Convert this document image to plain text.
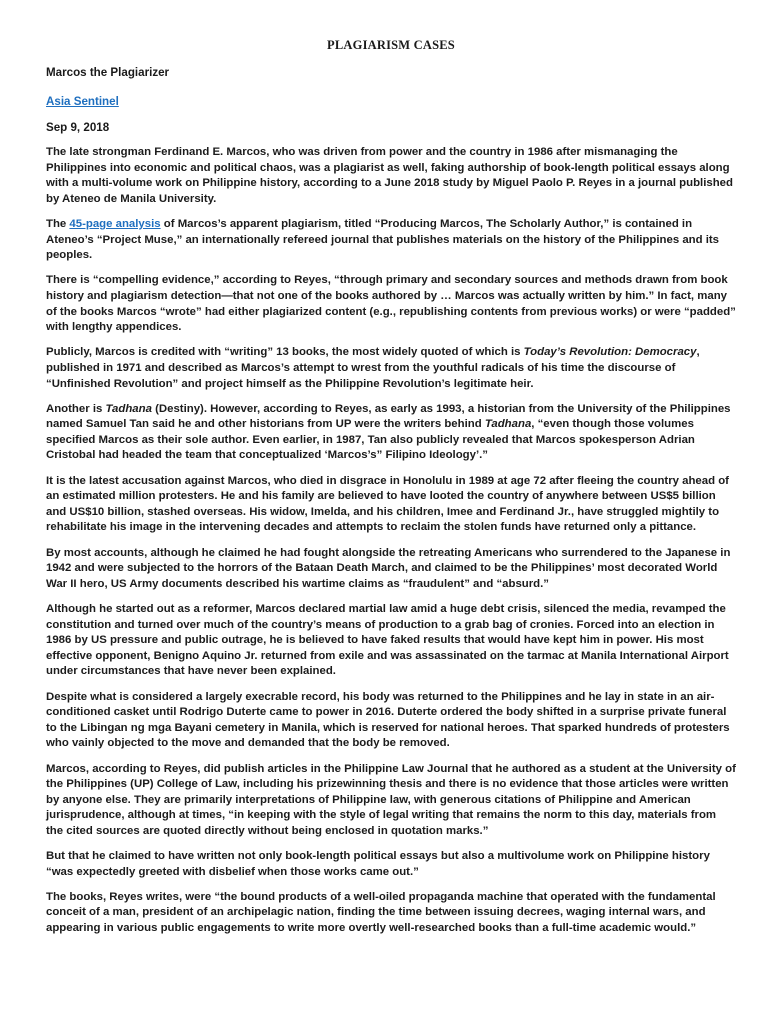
PLAGIARISM CASES
Marcos the Plagiarizer
Asia Sentinel
Sep 9, 2018

The late strongman Ferdinand E. Marcos, who was driven from power and the country in 1986 after mismanaging the Philippines into economic and political chaos, was a plagiarist as well, faking authorship of book-length political essays along with a multi-volume work on Philippine history, according to a June 2018 study by Miguel Paolo P. Reyes in a journal published by Ateneo de Manila University.

The 45-page analysis of Marcos’s apparent plagiarism, titled “Producing Marcos, The Scholarly Author,” is contained in Ateneo’s “Project Muse,” an internationally refereed journal that publishes materials on the history of the Philippines and its peoples.

There is “compelling evidence,” according to Reyes, “through primary and secondary sources and methods drawn from book history and plagiarism detection—that not one of the books authored by … Marcos was actually written by him.” In fact, many of the books Marcos “wrote” had either plagiarized content (e.g., republishing contents from previous works) or were “padded” with lengthy appendices.

Publicly, Marcos is credited with “writing” 13 books, the most widely quoted of which is Today’s Revolution: Democracy, published in 1971 and described as Marcos’s attempt to wrest from the youthful radicals of his time the discourse of “Unfinished Revolution” and project himself as the Philippine Revolution’s legitimate heir.

Another is Tadhana (Destiny). However, according to Reyes, as early as 1993, a historian from the University of the Philippines named Samuel Tan said he and other historians from UP were the writers behind Tadhana, “even though those volumes specified Marcos as their sole author. Even earlier, in 1987, Tan also publicly revealed that Marcos spokesperson Adrian Cristobal had headed the team that conceptualized ‘Marcos’s” Filipino Ideology’.”

It is the latest accusation against Marcos, who died in disgrace in Honolulu in 1989 at age 72 after fleeing the country ahead of an estimated million protesters. He and his family are believed to have looted the country of anywhere between US$5 billion and US$10 billion, stashed overseas. His widow, Imelda, and his children, Imee and Ferdinand Jr., have struggled mightily to rehabilitate his image in the intervening decades and attempts to reclaim the stolen funds have returned only a pittance.

By most accounts, although he claimed he had fought alongside the retreating Americans who surrendered to the Japanese in 1942 and were subjected to the horrors of the Bataan Death March, and claimed to be the Philippines’ most decorated World War II hero, US Army documents described his wartime claims as “fraudulent” and “absurd.”

Although he started out as a reformer, Marcos declared martial law amid a huge debt crisis, silenced the media, revamped the constitution and turned over much of the country’s means of production to a grab bag of cronies. Forced into an election in 1986 by US pressure and public outrage, he is believed to have faked results that would have kept him in power. His most effective opponent, Benigno Aquino Jr. returned from exile and was assassinated on the tarmac at Manila International Airport under circumstances that have never been explained.

Despite what is considered a largely execrable record, his body was returned to the Philippines and he lay in state in an air-conditioned casket until Rodrigo Duterte came to power in 2016. Duterte ordered the body shifted in a surprise private funeral to the Libingan ng mga Bayani cemetery in Manila, which is reserved for national heroes. That sparked hundreds of protesters who vainly objected to the move and demanded that the body be removed.

Marcos, according to Reyes, did publish articles in the Philippine Law Journal that he authored as a student at the University of the Philippines (UP) College of Law, including his prizewinning thesis and there is no evidence that those articles were written by anyone else. They are primarily interpretations of Philippine law, with generous citations of Philippine and American jurisprudence, although at times, “in keeping with the style of legal writing that remains the norm to this day, materials from the cited sources are quoted directly without being enclosed in quotation marks.”

But that he claimed to have written not only book-length political essays but also a multivolume work on Philippine history “was expectedly greeted with disbelief when those works came out.”

The books, Reyes writes, were “the bound products of a well-oiled propaganda machine that operated with the fundamental conceit of a man, president of an archipelagic nation, finding the time between issuing decrees, waging internal wars, and appearing in various public engagements to write more overtly well-researched books than a full-time academic would.”
